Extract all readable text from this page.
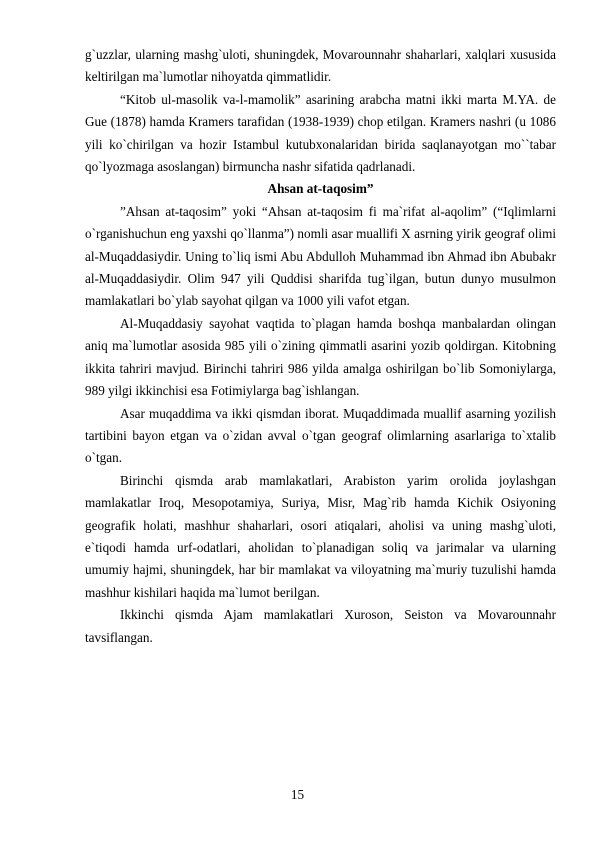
g`uzzlar, ularning mashg`uloti, shuningdek, Movarounnahr shaharlari, xalqlari xususida keltirilgan ma`lumotlar nihoyatda qimmatlidir.

“Kitob ul-masolik va-l-mamolik” asarining arabcha matni ikki marta M.YA. de Gue (1878) hamda Kramers tarafidan (1938-1939) chop etilgan. Kramers nashri (u 1086 yili ko`chirilgan va hozir Istambul kutubxonalaridan birida saqlanayotgan mo``tabar qo`lyozmaga asoslangan) birmuncha nashr sifatida qadrlanadi.

Ahsan at-taqosim”

”Ahsan at-taqosim” yoki “Ahsan at-taqosim fi ma`rifat al-aqolim” (“Iqlimlarni o`rganishuchun eng yaxshi qo`llanma”) nomli asar muallifi X asrning yirik geograf olimi al-Muqaddasiydir. Uning to`liq ismi Abu Abdulloh Muhammad ibn Ahmad ibn Abubakr al-Muqaddasiydir. Olim 947 yili Quddisi sharifda tug`ilgan, butun dunyo musulmon mamlakatlari bo`ylab sayohat qilgan va 1000 yili vafot etgan.

Al-Muqaddasiy sayohat vaqtida to`plagan hamda boshqa manbalardan olingan aniq ma`lumotlar asosida 985 yili o`zining qimmatli asarini yozib qoldirgan. Kitobning ikkita tahriri mavjud. Birinchi tahriri 986 yilda amalga oshirilgan bo`lib Somoniylarga, 989 yilgi ikkinchisi esa Fotimiylarga bag`ishlangan.

Asar muqaddima va ikki qismdan iborat. Muqaddimada muallif asarning yozilish tartibini bayon etgan va o`zidan avval o`tgan geograf olimlarning asarlariga to`xtalib o`tgan.

Birinchi qismda arab mamlakatlari, Arabiston yarim orolida joylashgan mamlakatlar Iroq, Mesopotamiya, Suriya, Misr, Mag`rib hamda Kichik Osiyoning geografik holati, mashhur shaharlari, osori atiqalari, aholisi va uning mashg`uloti, e`tiqodi hamda urf-odatlari, aholidan to`planadigan soliq va jarimalar va ularning umumiy hajmi, shuningdek, har bir mamlakat va viloyatning ma`muriy tuzulishi hamda mashhur kishilari haqida ma`lumot berilgan.

Ikkinchi qismda Ajam mamlakatlari Xuroson, Seiston va Movarounnahr tavsiflangan.

15
